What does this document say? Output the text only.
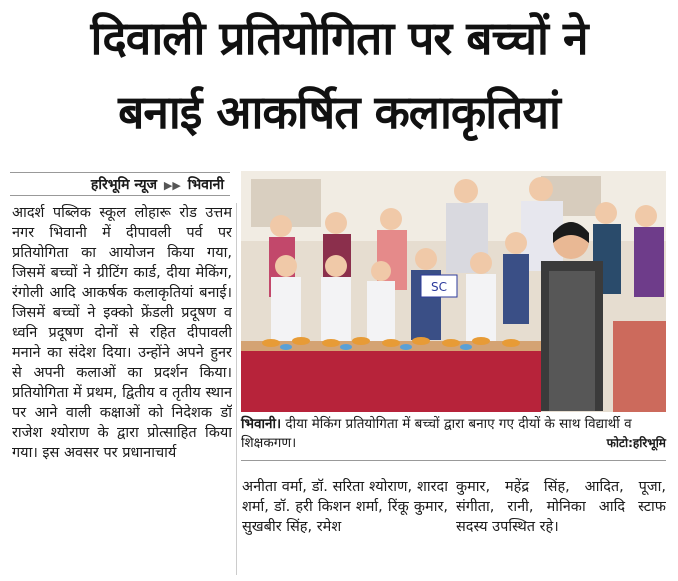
दिवाली प्रतियोगिता पर बच्चों ने
बनाई आकर्षित कलाकृतियां
हरिभूमि न्यूज ▶▶ भिवानी
आदर्श पब्लिक स्कूल लोहारू रोड उत्तम नगर भिवानी में दीपावली पर्व पर प्रतियोगिता का आयोजन किया गया, जिसमें बच्चों ने ग्रीटिंग कार्ड, दीया मेकिंग, रंगोली आदि आकर्षक कलाकृतियां बनाई। जिसमें बच्चों ने इक्को फ्रेंडली प्रदूषण व ध्वनि प्रदूषण दोनों से रहित दीपावली मनाने का संदेश दिया। उन्होंने अपने हुनर से अपनी कलाओं का प्रदर्शन किया। प्रतियोगिता में प्रथम, द्वितीय व तृतीय स्थान पर आने वाली कक्षाओं को निदेशक डॉ राजेश श्योराण के द्वारा प्रोत्साहित किया गया। इस अवसर पर प्रधानाचार्य
SC
भिवानी। दीया मेकिंग प्रतियोगिता में बच्चों द्वारा बनाए गए दीयों के साथ विद्यार्थी व शिक्षकगण।	फोटो:हरिभूमि
अनीता वर्मा, डॉ. सरिता श्योराण, शारदा शर्मा, डॉ. हरी किशन शर्मा, रिंकू कुमार, सुखबीर सिंह, रमेश
कुमार, महेंद्र सिंह, आदित, पूजा, संगीता, रानी, मोनिका आदि स्टाफ सदस्य उपस्थित रहे।
